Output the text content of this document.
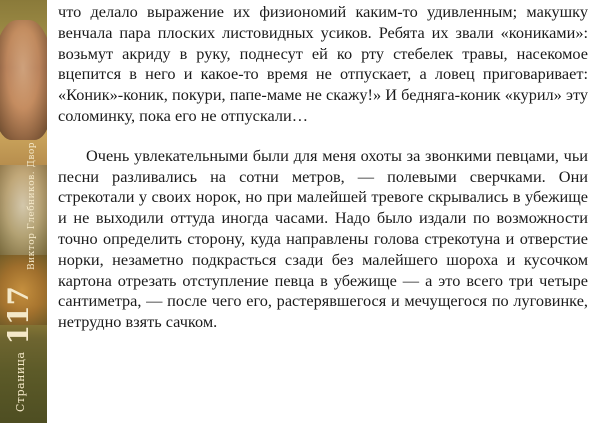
Виктор Глебников. Двор
Страница 117

что делало выражение их физиономий каким-то удивленным; макушку венчала пара плоских листовидных усиков. Ребята их звали «кониками»: возьмут акриду в руку, поднесут ей ко рту стебелек травы, насекомое вцепится в него и какое-то время не отпускает, а ловец приговаривает: «Коник»-коник, покури, папе-маме не скажу!» И бедняга-коник «курил» эту соломинку, пока его не отпускали…

Очень увлекательными были для меня охоты за звонкими певцами, чьи песни разливались на сотни метров, — полевыми сверчками. Они стрекотали у своих норок, но при малейшей тревоге скрывались в убежище и не выходили оттуда иногда часами. Надо было издали по возможности точно определить сторону, куда направлены голова стрекотуна и отверстие норки, незаметно подкрасться сзади без малейшего шороха и кусочком картона отрезать отступление певца в убежище — а это всего три четыре сантиметра, — после чего его, растерявшегося и мечущегося по луговинке, нетрудно взять сачком.
